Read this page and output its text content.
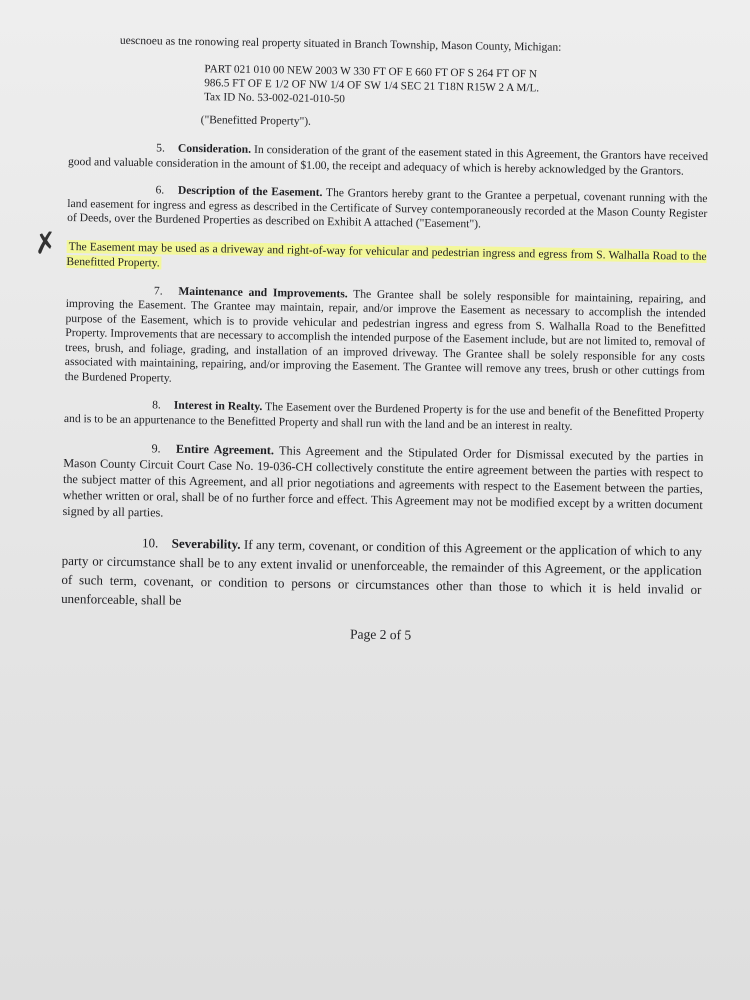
uescnoeu as tne ronowing real property situated in Branch Township, Mason County, Michigan:

PART 021 010 00 NEW 2003 W 330 FT OF E 660 FT OF S 264 FT OF N

986.5 FT OF E 1/2 OF NW 1/4 OF SW 1/4 SEC 21 T18N R15W 2 A M/L.

Tax ID No. 53-002-021-010-50

("Benefitted Property").

5. Consideration. In consideration of the grant of the easement stated in this Agreement, the Grantors have received good and valuable consideration in the amount of $1.00, the receipt and adequacy of which is hereby acknowledged by the Grantors.

6. Description of the Easement. The Grantors hereby grant to the Grantee a perpetual, covenant running with the land easement for ingress and egress as described in the Certificate of Survey contemporaneously recorded at the Mason County Register of Deeds, over the Burdened Properties as described on Exhibit A attached ("Easement").

✗ The Easement may be used as a driveway and right-of-way for vehicular and pedestrian ingress and egress from S. Walhalla Road to the Benefitted Property.

7. Maintenance and Improvements. The Grantee shall be solely responsible for maintaining, repairing, and improving the Easement. The Grantee may maintain, repair, and/or improve the Easement as necessary to accomplish the intended purpose of the Easement, which is to provide vehicular and pedestrian ingress and egress from S. Walhalla Road to the Benefitted Property. Improvements that are necessary to accomplish the intended purpose of the Easement include, but are not limited to, removal of trees, brush, and foliage, grading, and installation of an improved driveway. The Grantee shall be solely responsible for any costs associated with maintaining, repairing, and/or improving the Easement. The Grantee will remove any trees, brush or other cuttings from the Burdened Property.

8. Interest in Realty. The Easement over the Burdened Property is for the use and benefit of the Benefitted Property and is to be an appurtenance to the Benefitted Property and shall run with the land and be an interest in realty.

9. Entire Agreement. This Agreement and the Stipulated Order for Dismissal executed by the parties in Mason County Circuit Court Case No. 19-036-CH collectively constitute the entire agreement between the parties with respect to the subject matter of this Agreement, and all prior negotiations and agreements with respect to the Easement between the parties, whether written or oral, shall be of no further force and effect. This Agreement may not be modified except by a written document signed by all parties.

10. Severability. If any term, covenant, or condition of this Agreement or the application of which to any party or circumstance shall be to any extent invalid or unenforceable, the remainder of this Agreement, or the application of such term, covenant, or condition to persons or circumstances other than those to which it is held invalid or unenforceable, shall be

Page 2 of 5
